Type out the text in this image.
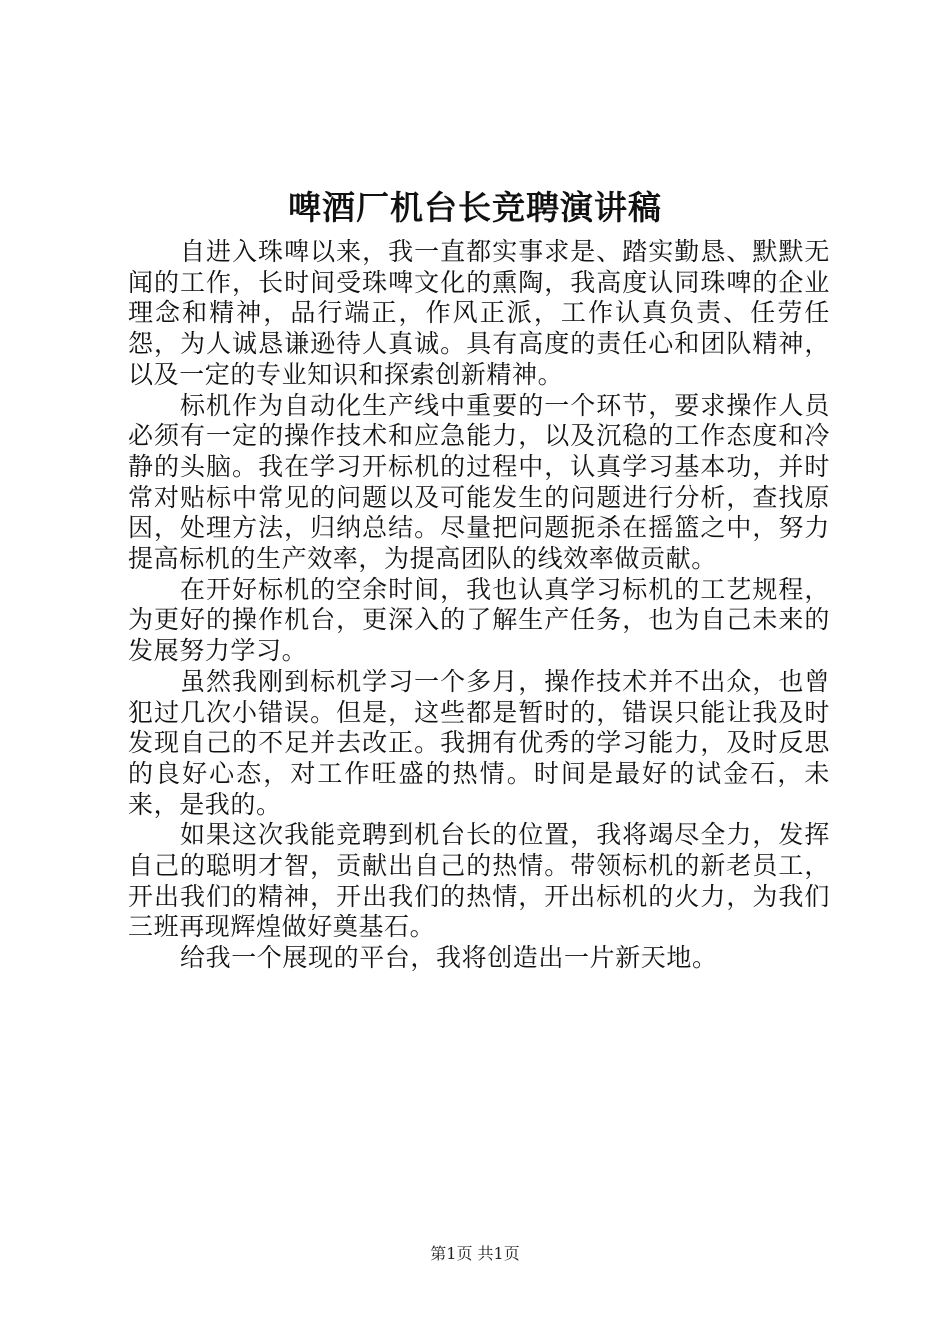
啤酒厂机台长竞聘演讲稿

自进入珠啤以来，我一直都实事求是、踏实勤恳、默默无闻的工作，长时间受珠啤文化的熏陶，我高度认同珠啤的企业理念和精神，品行端正，作风正派，工作认真负责、任劳任怨，为人诚恳谦逊待人真诚。具有高度的责任心和团队精神，以及一定的专业知识和探索创新精神。

标机作为自动化生产线中重要的一个环节，要求操作人员必须有一定的操作技术和应急能力，以及沉稳的工作态度和冷静的头脑。我在学习开标机的过程中，认真学习基本功，并时常对贴标中常见的问题以及可能发生的问题进行分析，查找原因，处理方法，归纳总结。尽量把问题扼杀在摇篮之中，努力提高标机的生产效率，为提高团队的线效率做贡献。

在开好标机的空余时间，我也认真学习标机的工艺规程，为更好的操作机台，更深入的了解生产任务，也为自己未来的发展努力学习。

虽然我刚到标机学习一个多月，操作技术并不出众，也曾犯过几次小错误。但是，这些都是暂时的，错误只能让我及时发现自己的不足并去改正。我拥有优秀的学习能力，及时反思的良好心态，对工作旺盛的热情。时间是最好的试金石，未来，是我的。

如果这次我能竞聘到机台长的位置，我将竭尽全力，发挥自己的聪明才智，贡献出自己的热情。带领标机的新老员工，开出我们的精神，开出我们的热情，开出标机的火力，为我们三班再现辉煌做好奠基石。

给我一个展现的平台，我将创造出一片新天地。

第1页 共1页
